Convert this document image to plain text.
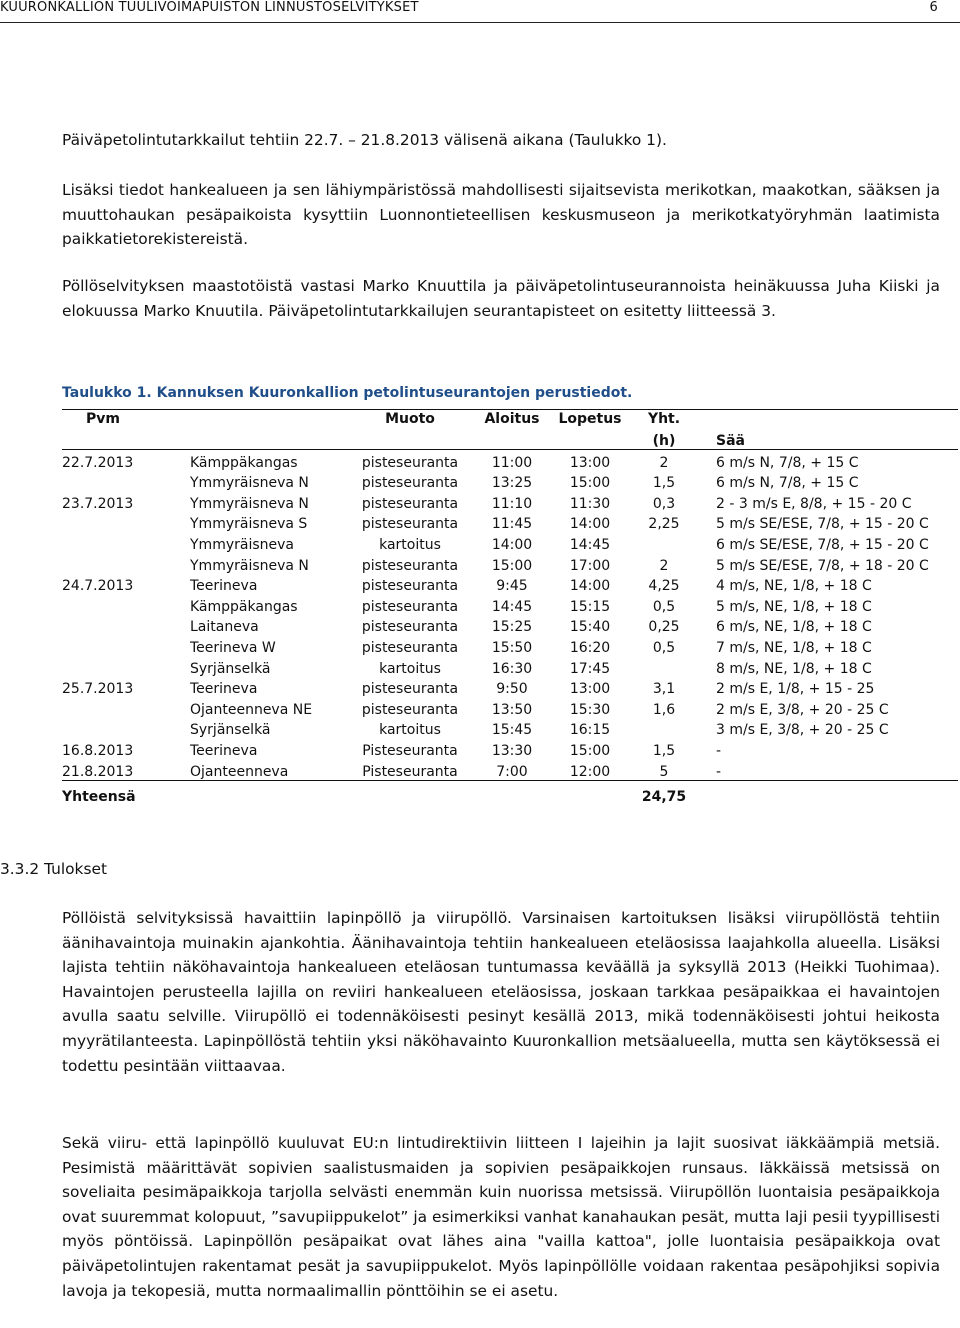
KUURONKALLION TUULIVOIMAPUISTON LINNUSTOSELVITYKSET	6

Päiväpetolintutarkkailut tehtiin 22.7. – 21.8.2013 välisenä aikana (Taulukko 1).

Lisäksi tiedot hankealueen ja sen lähiympäristössä mahdollisesti sijaitsevista merikotkan, maakotkan, sääksen ja muuttohaukan pesäpaikoista kysyttiin Luonnontieteellisen keskusmuseon ja merikotkatyöryhmän laatimista paikkatietorekistereistä.

Pöllöselvityksen maastotöistä vastasi Marko Knuuttila ja päiväpetolintuseurannoista heinäkuussa Juha Kiiski ja elokuussa Marko Knuutila. Päiväpetolintutarkkailujen seurantapisteet on esitetty liitteessä 3.

Taulukko 1. Kannuksen Kuuronkallion petolintuseurantojen perustiedot.

Pvm		Muoto	Aloitus	Lopetus	Yht.	
					(h)	Sää
22.7.2013	Kämppäkangas	pisteseuranta	11:00	13:00	2	6 m/s N, 7/8, + 15 C
	Ymmyräisneva N	pisteseuranta	13:25	15:00	1,5	6 m/s N, 7/8, + 15 C
23.7.2013	Ymmyräisneva N	pisteseuranta	11:10	11:30	0,3	2 - 3 m/s E, 8/8, + 15 - 20 C
	Ymmyräisneva S	pisteseuranta	11:45	14:00	2,25	5 m/s SE/ESE, 7/8, + 15 - 20 C
	Ymmyräisneva	kartoitus	14:00	14:45		6 m/s SE/ESE, 7/8, + 15 - 20 C
	Ymmyräisneva N	pisteseuranta	15:00	17:00	2	5 m/s SE/ESE, 7/8, + 18 - 20 C
24.7.2013	Teerineva	pisteseuranta	9:45	14:00	4,25	4 m/s, NE, 1/8, + 18 C
	Kämppäkangas	pisteseuranta	14:45	15:15	0,5	5 m/s, NE, 1/8, + 18 C
	Laitaneva	pisteseuranta	15:25	15:40	0,25	6 m/s, NE, 1/8, + 18 C
	Teerineva W	pisteseuranta	15:50	16:20	0,5	7 m/s, NE, 1/8, + 18 C
	Syrjänselkä	kartoitus	16:30	17:45		8 m/s, NE, 1/8, + 18 C
25.7.2013	Teerineva	pisteseuranta	9:50	13:00	3,1	2 m/s E, 1/8, + 15 - 25
	Ojanteenneva NE	pisteseuranta	13:50	15:30	1,6	2 m/s E, 3/8, + 20 - 25 C
	Syrjänselkä	kartoitus	15:45	16:15		3 m/s E, 3/8, + 20 - 25 C
16.8.2013	Teerineva	Pisteseuranta	13:30	15:00	1,5	-
21.8.2013	Ojanteenneva	Pisteseuranta	7:00	12:00	5	-
Yhteensä					24,75	
3.3.2 Tulokset

Pöllöistä selvityksissä havaittiin lapinpöllö ja viirupöllö. Varsinaisen kartoituksen lisäksi viirupöllöstä tehtiin äänihavaintoja muinakin ajankohtia. Äänihavaintoja tehtiin hankealueen eteläosissa laajahkolla alueella. Lisäksi lajista tehtiin näköhavaintoja hankealueen eteläosan tuntumassa keväällä ja syksyllä 2013 (Heikki Tuohimaa). Havaintojen perusteella lajilla on reviiri hankealueen eteläosissa, joskaan tarkkaa pesäpaikkaa ei havaintojen avulla saatu selville. Viirupöllö ei todennäköisesti pesinyt kesällä 2013, mikä todennäköisesti johtui heikosta myyrätilanteesta. Lapinpöllöstä tehtiin yksi näköhavainto Kuuronkallion metsäalueella, mutta sen käytöksessä ei todettu pesintään viittaavaa.

Sekä viiru- että lapinpöllö kuuluvat EU:n lintudirektiivin liitteen I lajeihin ja lajit suosivat iäkkäämpiä metsiä. Pesimistä määrittävät sopivien saalistusmaiden ja sopivien pesäpaikkojen runsaus. Iäkkäissä metsissä on soveliaita pesimäpaikkoja tarjolla selvästi enemmän kuin nuorissa metsissä. Viirupöllön luontaisia pesäpaikkoja ovat suuremmat kolopuut, ”savupiippukelot” ja esimerkiksi vanhat kanahaukan pesät, mutta laji pesii tyypillisesti myös pöntöissä. Lapinpöllön pesäpaikat ovat lähes aina "vailla kattoa", jolle luontaisia pesäpaikkoja ovat päiväpetolintujen rakentamat pesät ja savupiippukelot. Myös lapinpöllölle voidaan rakentaa pesäpohjiksi sopivia lavoja ja tekopesiä, mutta normaalimallin pönttöihin se ei asetu.
